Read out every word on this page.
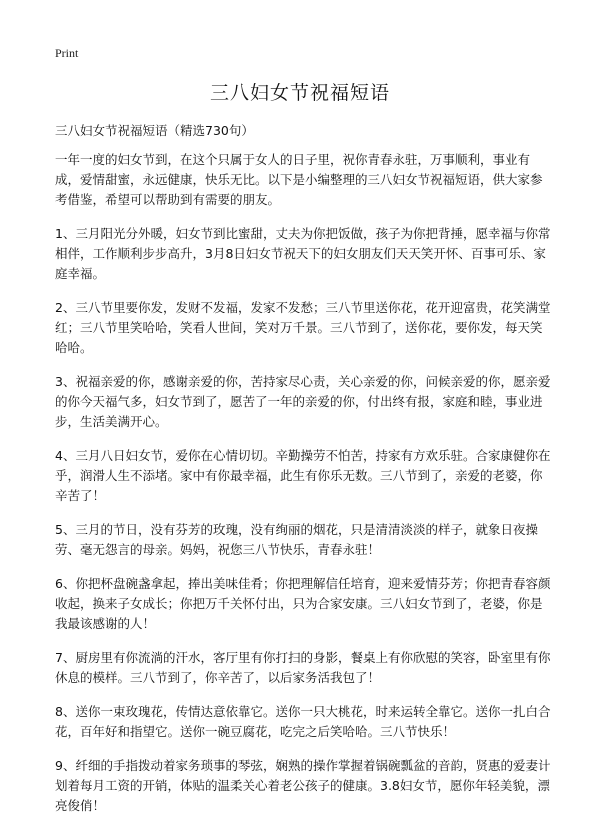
Print
三八妇女节祝福短语

三八妇女节祝福短语（精选730句）

一年一度的妇女节到，在这个只属于女人的日子里，祝你青春永驻，万事顺利，事业有成，爱情甜蜜，永远健康，快乐无比。以下是小编整理的三八妇女节祝福短语，供大家参考借鉴，希望可以帮助到有需要的朋友。

1、三月阳光分外暖，妇女节到比蜜甜，丈夫为你把饭做，孩子为你把背捶，愿幸福与你常相伴，工作顺利步步高升，3月8日妇女节祝天下的妇女朋友们天天笑开怀、百事可乐、家庭幸福。

2、三八节里要你发，发财不发福，发家不发愁；三八节里送你花，花开迎富贵，花笑满堂红；三八节里笑哈哈，笑看人世间，笑对万千景。三八节到了，送你花，要你发，每天笑哈哈。

3、祝福亲爱的你，感谢亲爱的你，苦持家尽心责，关心亲爱的你，问候亲爱的你，愿亲爱的你今天福气多，妇女节到了，愿苦了一年的亲爱的你，付出终有报，家庭和睦，事业进步，生活美满开心。

4、三月八日妇女节，爱你在心情切切。辛勤操劳不怕苦，持家有方欢乐驻。合家康健你在乎，润滑人生不添堵。家中有你最幸福，此生有你乐无数。三八节到了，亲爱的老婆，你辛苦了！

5、三月的节日，没有芬芳的玫瑰，没有绚丽的烟花，只是清清淡淡的样子，就象日夜操劳、毫无怨言的母亲。妈妈，祝您三八节快乐，青春永驻！

6、你把杯盘碗盏拿起，捧出美味佳肴；你把理解信任培育，迎来爱情芬芳；你把青春容颜收起，换来子女成长；你把万千关怀付出，只为合家安康。三八妇女节到了，老婆，你是我最该感谢的人！

7、厨房里有你流淌的汗水，客厅里有你打扫的身影，餐桌上有你欣慰的笑容，卧室里有你休息的模样。三八节到了，你辛苦了，以后家务活我包了！

8、送你一束玫瑰花，传情达意依靠它。送你一只大桃花，时来运转全靠它。送你一扎白合花，百年好和指望它。送你一碗豆腐花，吃完之后笑哈哈。三八节快乐！

9、纤细的手指拨动着家务琐事的琴弦，娴熟的操作掌握着锅碗瓢盆的音韵，贤惠的爱妻计划着每月工资的开销，体贴的温柔关心着老公孩子的健康。3.8妇女节，愿你年轻美貌，漂亮俊俏！
